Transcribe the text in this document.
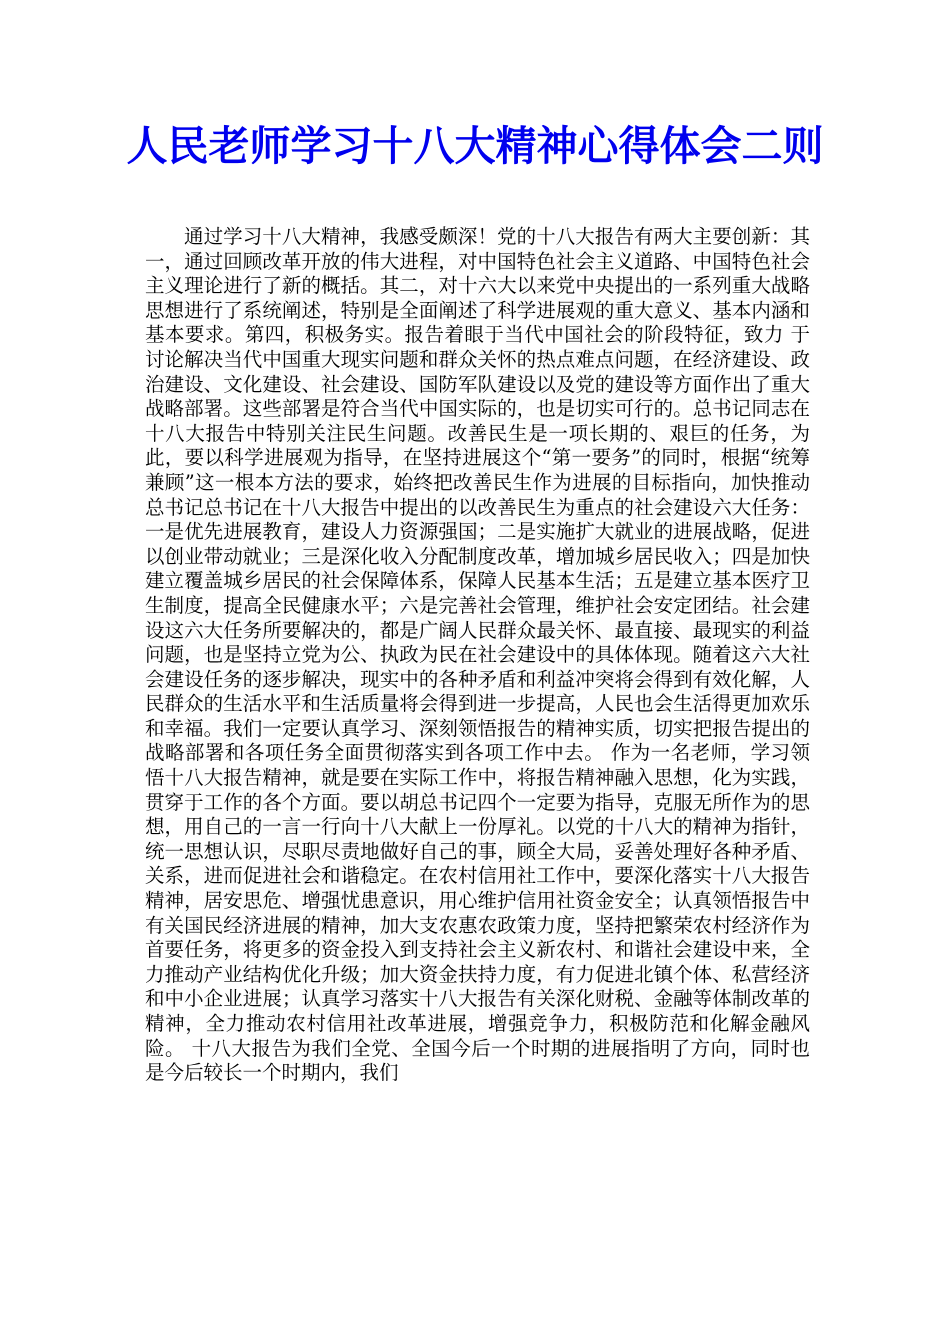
人民老师学习十八大精神心得体会二则

通过学习十八大精神，我感受颇深！党的十八大报告有两大主要创新：其一，通过回顾改革开放的伟大进程，对中国特色社会主义道路、中国特色社会主义理论进行了新的概括。其二，对十六大以来党中央提出的一系列重大战略思想进行了系统阐述，特别是全面阐述了科学进展观的重大意义、基本内涵和基本要求。第四，积极务实。报告着眼于当代中国社会的阶段特征，致力 于讨论解决当代中国重大现实问题和群众关怀的热点难点问题，在经济建设、政治建设、文化建设、社会建设、国防军队建设以及党的建设等方面作出了重大战略部署。这些部署是符合当代中国实际的，也是切实可行的。总书记同志在十八大报告中特别关注民生问题。改善民生是一项长期的、艰巨的任务，为此，要以科学进展观为指导，在坚持进展这个“第一要务”的同时，根据“统筹兼顾”这一根本方法的要求，始终把改善民生作为进展的目标指向，加快推动总书记总书记在十八大报告中提出的以改善民生为重点的社会建设六大任务：一是优先进展教育，建设人力资源强国；二是实施扩大就业的进展战略，促进以创业带动就业；三是深化收入分配制度改革，增加城乡居民收入；四是加快建立覆盖城乡居民的社会保障体系，保障人民基本生活；五是建立基本医疗卫生制度，提高全民健康水平；六是完善社会管理，维护社会安定团结。社会建设这六大任务所要解决的，都是广阔人民群众最关怀、最直接、最现实的利益问题，也是坚持立党为公、执政为民在社会建设中的具体体现。随着这六大社会建设任务的逐步解决，现实中的各种矛盾和利益冲突将会得到有效化解，人民群众的生活水平和生活质量将会得到进一步提高，人民也会生活得更加欢乐和幸福。我们一定要认真学习、深刻领悟报告的精神实质，切实把报告提出的战略部署和各项任务全面贯彻落实到各项工作中去。 作为一名老师，学习领悟十八大报告精神，就是要在实际工作中，将报告精神融入思想，化为实践，贯穿于工作的各个方面。要以胡总书记四个一定要为指导，克服无所作为的思想，用自己的一言一行向十八大献上一份厚礼。以党的十八大的精神为指针，统一思想认识，尽职尽责地做好自己的事，顾全大局，妥善处理好各种矛盾、关系，进而促进社会和谐稳定。在农村信用社工作中，要深化落实十八大报告精神，居安思危、增强忧患意识，用心维护信用社资金安全；认真领悟报告中有关国民经济进展的精神，加大支农惠农政策力度，坚持把繁荣农村经济作为首要任务，将更多的资金投入到支持社会主义新农村、和谐社会建设中来，全力推动产业结构优化升级；加大资金扶持力度，有力促进北镇个体、私营经济和中小企业进展；认真学习落实十八大报告有关深化财税、金融等体制改革的精神，全力推动农村信用社改革进展，增强竞争力，积极防范和化解金融风险。 十八大报告为我们全党、全国今后一个时期的进展指明了方向，同时也是今后较长一个时期内，我们
